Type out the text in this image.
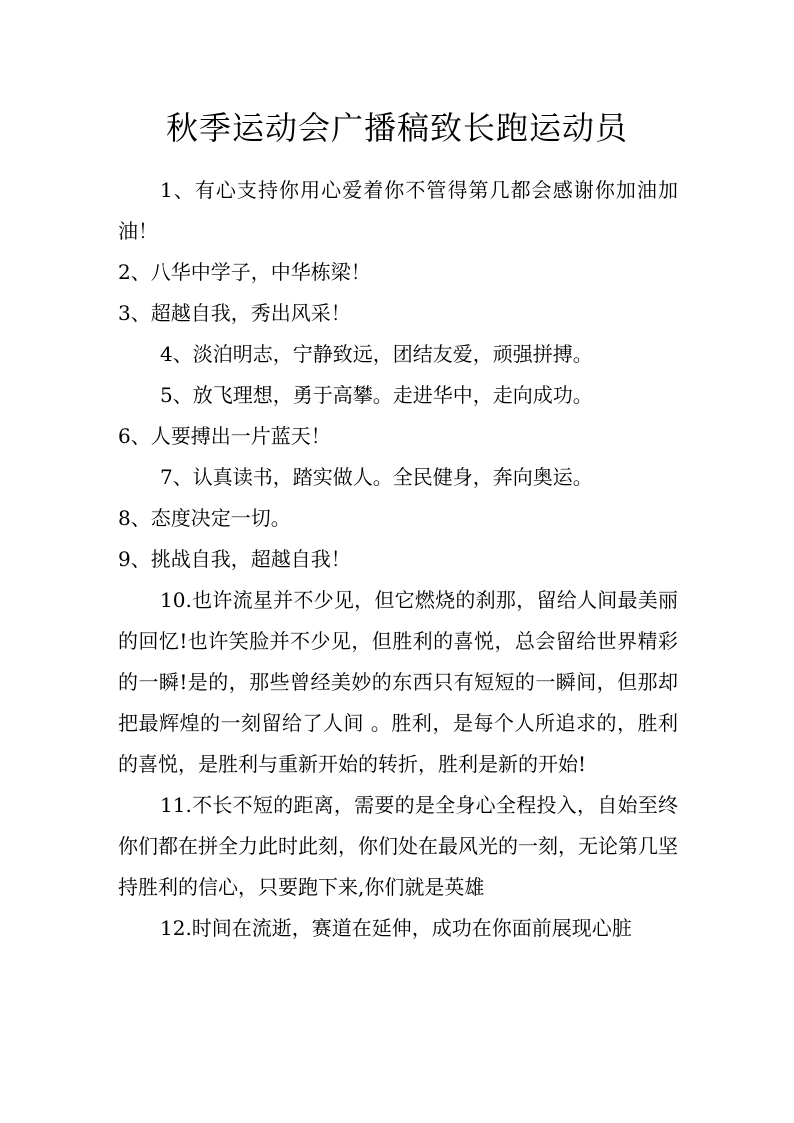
秋季运动会广播稿致长跑运动员

1、有心支持你用心爱着你不管得第几都会感谢你加油加油！

2、八华中学子，中华栋梁！

3、超越自我，秀出风采！

4、淡泊明志，宁静致远，团结友爱，顽强拼搏。

5、放飞理想，勇于高攀。走进华中，走向成功。

6、人要搏出一片蓝天！

7、认真读书，踏实做人。全民健身，奔向奥运。

8、态度决定一切。

9、挑战自我，超越自我！

10.也许流星并不少见，但它燃烧的刹那，留给人间最美丽的回忆!也许笑脸并不少见，但胜利的喜悦，总会留给世界精彩的一瞬!是的，那些曾经美妙的东西只有短短的一瞬间，但那却把最辉煌的一刻留给了人间 。胜利，是每个人所追求的，胜利的喜悦，是胜利与重新开始的转折，胜利是新的开始!

11.不长不短的距离，需要的是全身心全程投入，自始至终你们都在拼全力此时此刻，你们处在最风光的一刻，无论第几坚持胜利的信心，只要跑下来,你们就是英雄

12.时间在流逝，赛道在延伸，成功在你面前展现心脏
